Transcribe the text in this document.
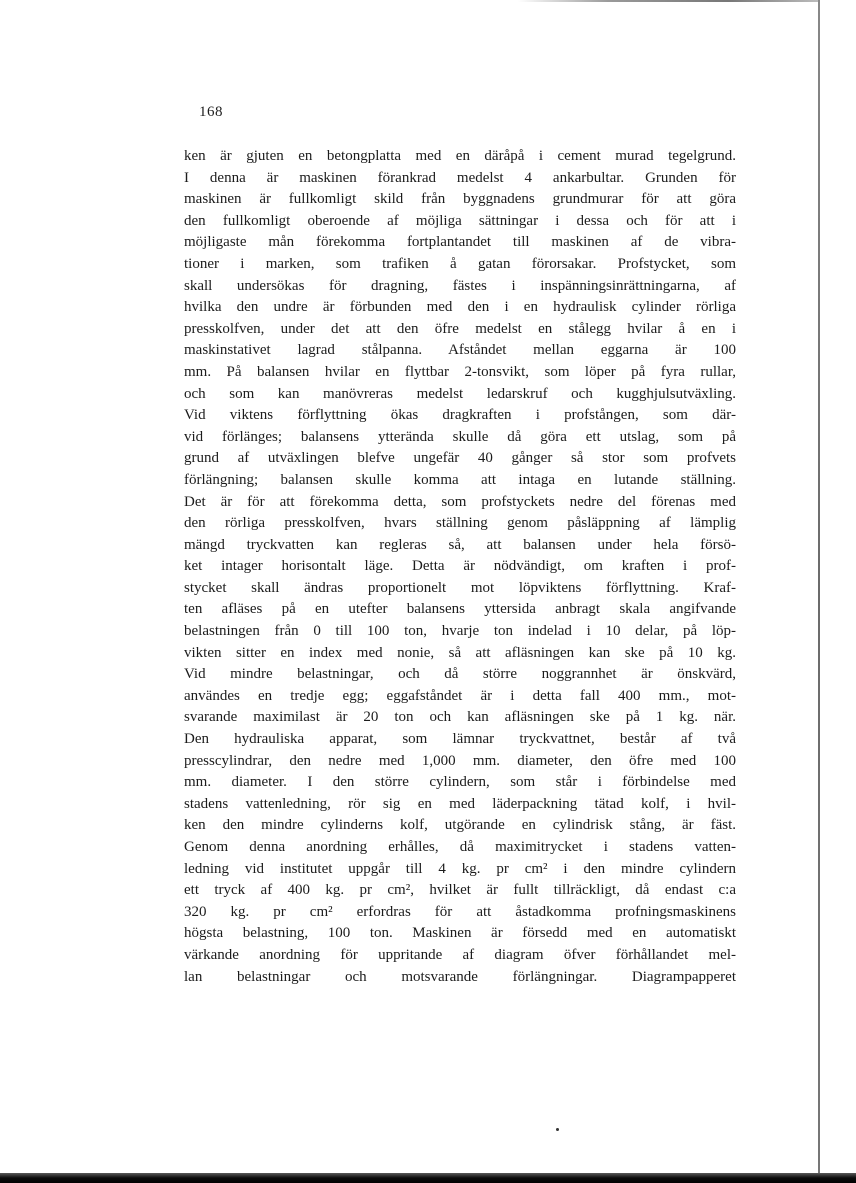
168
ken är gjuten en betongplatta med en däråpå i cement murad tegelgrund.
I denna är maskinen förankrad medelst 4 ankarbultar. Grunden för
maskinen är fullkomligt skild från byggnadens grundmurar för att göra
den fullkomligt oberoende af möjliga sättningar i dessa och för att i
möjligaste mån förekomma fortplantandet till maskinen af de vibra-
tioner i marken, som trafiken å gatan förorsakar. Profstycket, som
skall undersökas för dragning, fästes i inspänningsinrättningarna, af
hvilka den undre är förbunden med den i en hydraulisk cylinder rörliga
presskolfven, under det att den öfre medelst en stålegg hvilar å en i
maskinstativet lagrad stålpanna. Afståndet mellan eggarna är 100
mm. På balansen hvilar en flyttbar 2-tonsvikt, som löper på fyra rullar,
och som kan manövreras medelst ledarskruf och kugghjulsutväxling.
Vid viktens förflyttning ökas dragkraften i profstången, som där-
vid förlänges; balansens ytterända skulle då göra ett utslag, som på
grund af utväxlingen blefve ungefär 40 gånger så stor som profvets
förlängning; balansen skulle komma att intaga en lutande ställning.
Det är för att förekomma detta, som profstyckets nedre del förenas med
den rörliga presskolfven, hvars ställning genom påsläppning af lämplig
mängd tryckvatten kan regleras så, att balansen under hela försö-
ket intager horisontalt läge. Detta är nödvändigt, om kraften i prof-
stycket skall ändras proportionelt mot löpviktens förflyttning. Kraf-
ten afläses på en utefter balansens yttersida anbragt skala angifvande
belastningen från 0 till 100 ton, hvarje ton indelad i 10 delar, på löp-
vikten sitter en index med nonie, så att afläsningen kan ske på 10 kg.
Vid mindre belastningar, och då större noggrannhet är önskvärd,
användes en tredje egg; eggafståndet är i detta fall 400 mm., mot-
svarande maximilast är 20 ton och kan afläsningen ske på 1 kg. när.
Den hydrauliska apparat, som lämnar tryckvattnet, består af två
presscylindrar, den nedre med 1,000 mm. diameter, den öfre med 100
mm. diameter. I den större cylindern, som står i förbindelse med
stadens vattenledning, rör sig en med läderpackning tätad kolf, i hvil-
ken den mindre cylinderns kolf, utgörande en cylindrisk stång, är fäst.
Genom denna anordning erhålles, då maximitrycket i stadens vatten-
ledning vid institutet uppgår till 4 kg. pr cm² i den mindre cylindern
ett tryck af 400 kg. pr cm², hvilket är fullt tillräckligt, då endast c:a
320 kg. pr cm² erfordras för att åstadkomma profningsmaskinens
högsta belastning, 100 ton. Maskinen är försedd med en automatiskt
värkande anordning för uppritande af diagram öfver förhållandet mel-
lan belastningar och motsvarande förlängningar. Diagrampapperet
